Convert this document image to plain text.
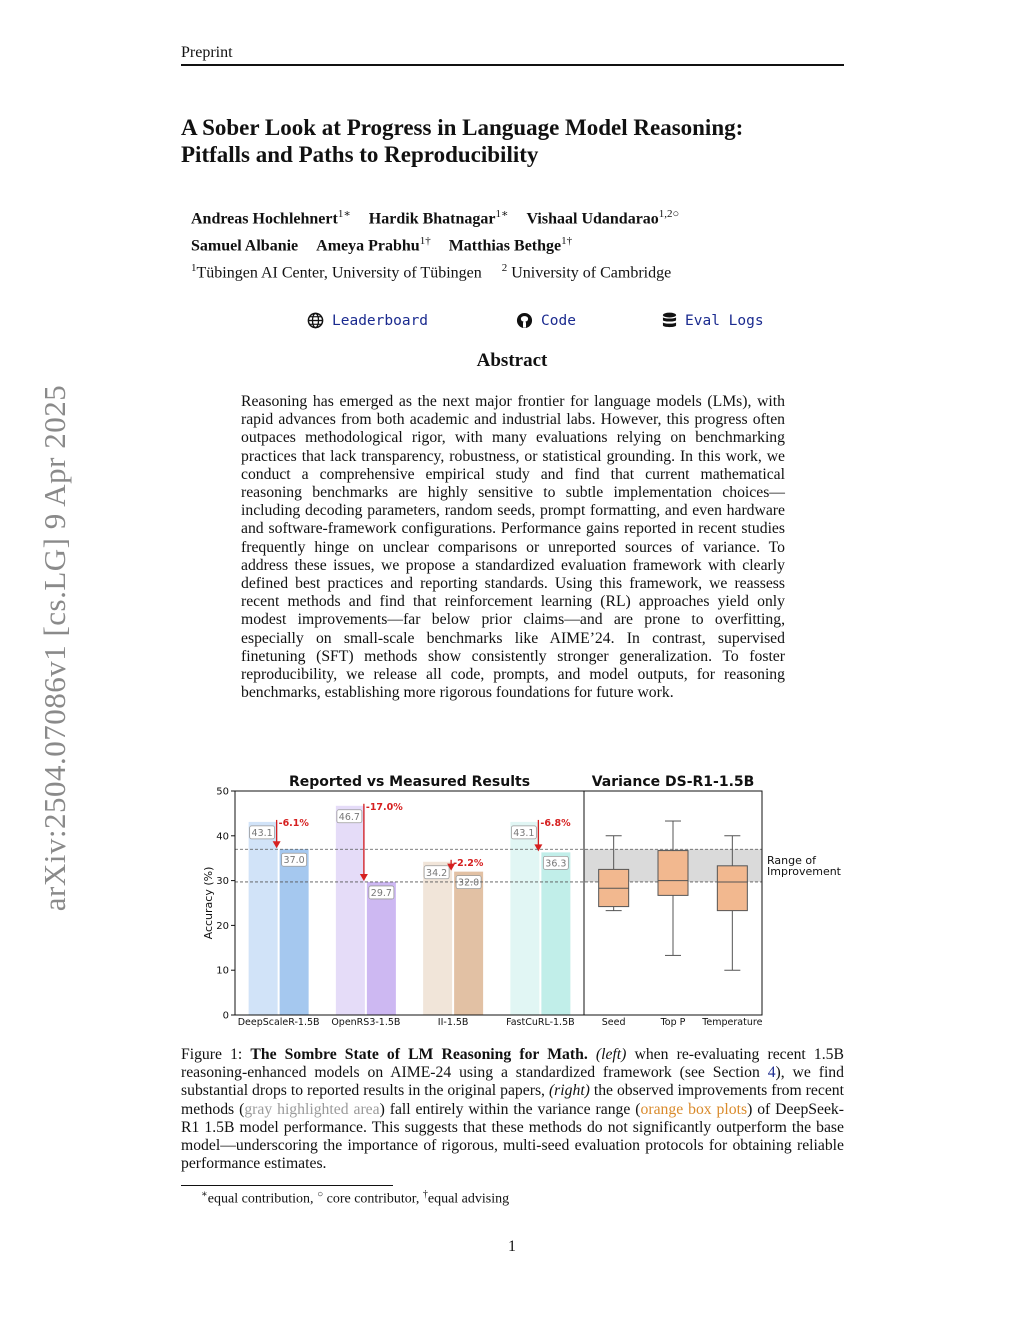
Preprint
A Sober Look at Progress in Language Model Reasoning:
Pitfalls and Paths to Reproducibility
Andreas Hochlehnert$^{1∗}$ Hardik Bhatnagar$^{1∗}$ Vishaal Udandarao$^{1,2○}$
Samuel Albanie Ameya Prabhu$^{1\dagger}$ Matthias Bethge$^{1\dagger}$
$^1$Tübingen AI Center, University of Tübingen $^2$ University of Cambridge
Leaderboard	Code	Eval Logs
Abstract
Reasoning has emerged as the next major frontier for language models (LMs), with rapid advances from both academic and industrial labs. However, this progress often outpaces methodological rigor, with many evaluations relying on benchmarking practices that lack transparency, robustness, or statistical grounding. In this work, we conduct a comprehensive empirical study and find that current mathematical reasoning benchmarks are highly sensitive to subtle implementation choices—including decoding parameters, random seeds, prompt formatting, and even hardware and software-framework configurations. Performance gains reported in recent studies frequently hinge on unclear comparisons or unreported sources of variance. To address these issues, we propose a standardized evaluation framework with clearly defined best practices and reporting standards. Using this framework, we reassess recent methods and find that reinforcement learning (RL) approaches yield only modest improvements—far below prior claims—and are prone to overfitting, especially on small-scale benchmarks like AIME’24. In contrast, supervised finetuning (SFT) methods show consistently stronger generalization. To foster reproducibility, we release all code, prompts, and model outputs, for reasoning benchmarks, establishing more rigorous foundations for future work.
arXiv:2504.07086v1 [cs.LG] 9 Apr 2025	43.1
37.0
-6.1%
DeepScaleR-1.5B
46.7
29.7
-17.0%
OpenRS3-1.5B
34.2
32.0
-2.2%
II-1.5B
43.1
36.3
-6.8%
FastCuRL-1.5B	Seed	Top P Temperature
0
10
20
30
40
50
Accuracy (%)
Reported vs Measured Results	Variance DS-R1-1.5B
Range of
Improvement
Figure 1: The Sombre State of LM Reasoning for Math. (left) when re-evaluating recent 1.5B reasoning-enhanced models on AIME-24 using a standardized framework (see Section 4), we find substantial drops to reported results in the original papers, (right) the observed improvements from recent methods (gray highlighted area) fall entirely within the variance range (orange box plots) of DeepSeek-R1 1.5B model performance. This suggests that these methods do not significantly outperform the base model—underscoring the importance of rigorous, multi-seed evaluation protocols for obtaining reliable performance estimates.
∗equal contribution, ○ core contributor, †equal advising
1
